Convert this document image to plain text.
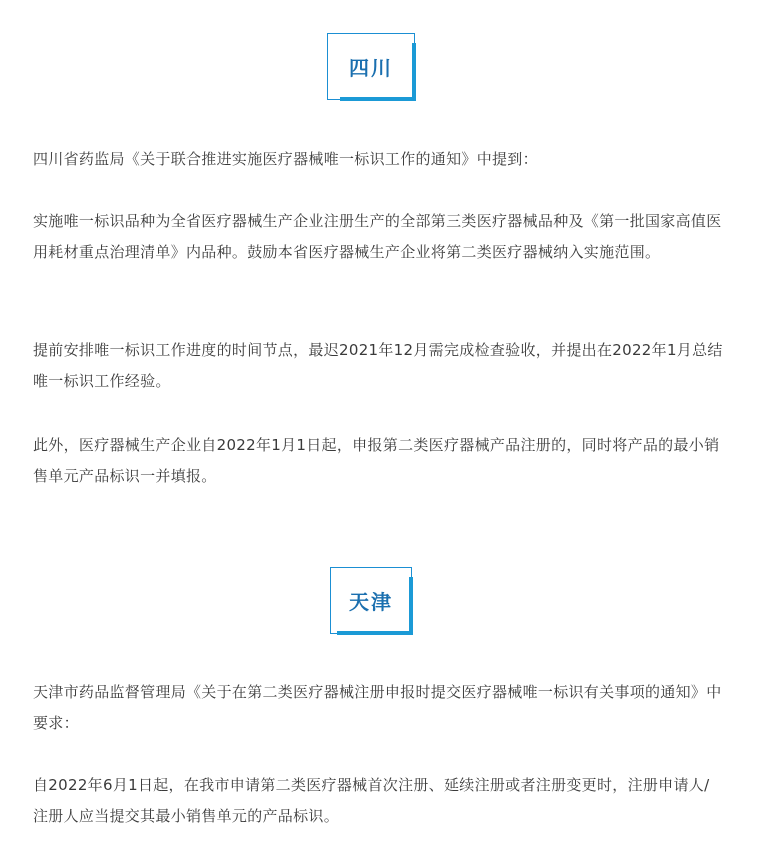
四川

四川省药监局《关于联合推进实施医疗器械唯一标识工作的通知》中提到：

实施唯一标识品种为全省医疗器械生产企业注册生产的全部第三类医疗器械品种及《第一批国家高值医用耗材重点治理清单》内品种。鼓励本省医疗器械生产企业将第二类医疗器械纳入实施范围。

提前安排唯一标识工作进度的时间节点，最迟2021年12月需完成检查验收，并提出在2022年1月总结唯一标识工作经验。

此外，医疗器械生产企业自2022年1月1日起，申报第二类医疗器械产品注册的，同时将产品的最小销售单元产品标识一并填报。

天津

天津市药品监督管理局《关于在第二类医疗器械注册申报时提交医疗器械唯一标识有关事项的通知》中要求：

自2022年6月1日起，在我市申请第二类医疗器械首次注册、延续注册或者注册变更时，注册申请人/注册人应当提交其最小销售单元的产品标识。
